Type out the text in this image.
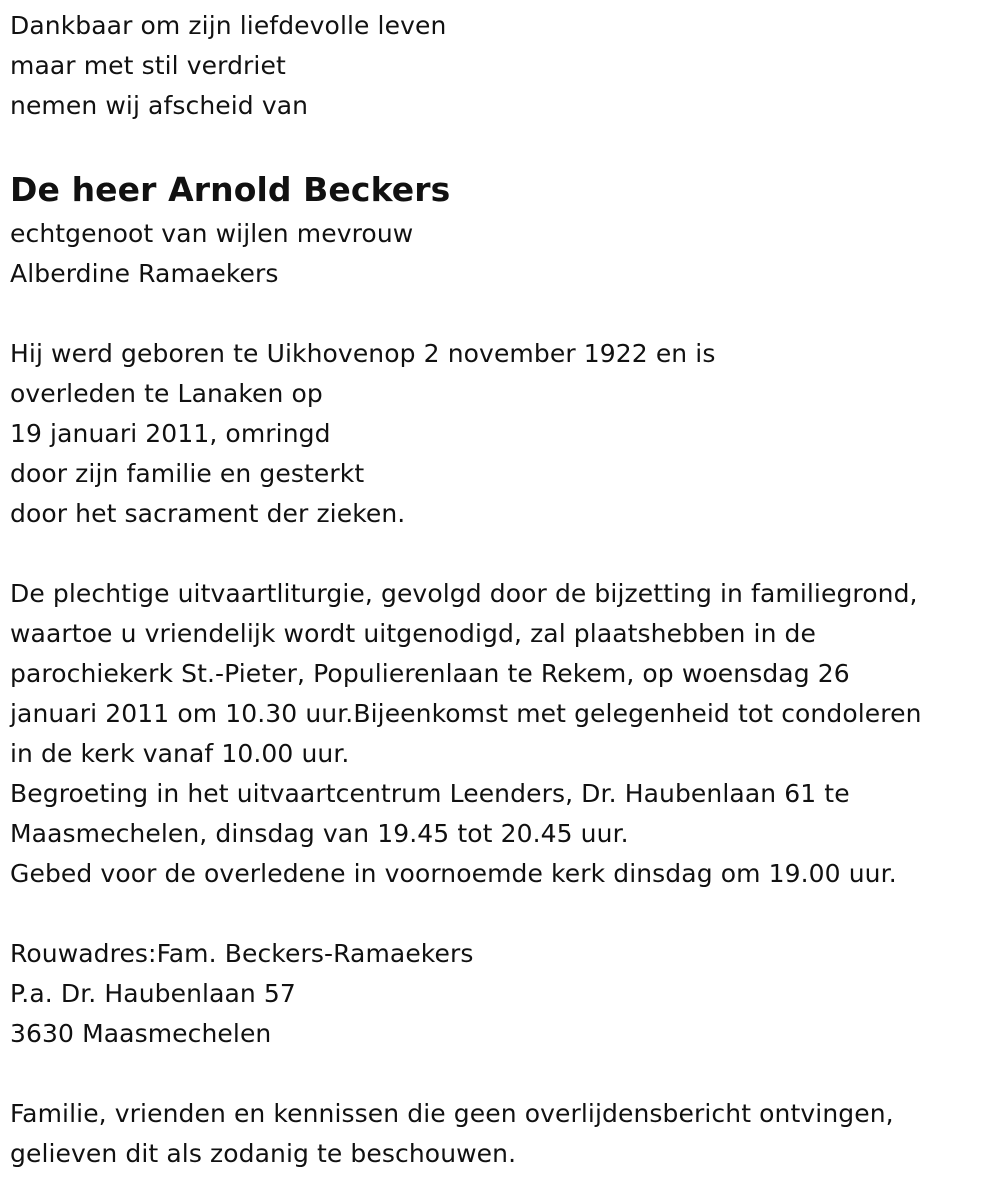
Dankbaar om zijn liefdevolle leven
maar met stil verdriet
nemen wij afscheid van
De heer Arnold Beckers
echtgenoot van wijlen mevrouw
Alberdine Ramaekers
Hij werd geboren te Uikhovenop 2 november 1922 en is
overleden te Lanaken op
19 januari 2011, omringd
door zijn familie en gesterkt
door het sacrament der zieken.
De plechtige uitvaartliturgie, gevolgd door de bijzetting in familiegrond,
waartoe u vriendelijk wordt uitgenodigd, zal plaatshebben in de
parochiekerk St.-Pieter, Populierenlaan te Rekem, op woensdag 26
januari 2011 om 10.30 uur.Bijeenkomst met gelegenheid tot condoleren
in de kerk vanaf 10.00 uur.
Begroeting in het uitvaartcentrum Leenders, Dr. Haubenlaan 61 te
Maasmechelen, dinsdag van 19.45 tot 20.45 uur.
Gebed voor de overledene in voornoemde kerk dinsdag om 19.00 uur.
Rouwadres:Fam. Beckers-Ramaekers
P.a. Dr. Haubenlaan 57
3630 Maasmechelen
Familie, vrienden en kennissen die geen overlijdensbericht ontvingen,
gelieven dit als zodanig te beschouwen.
